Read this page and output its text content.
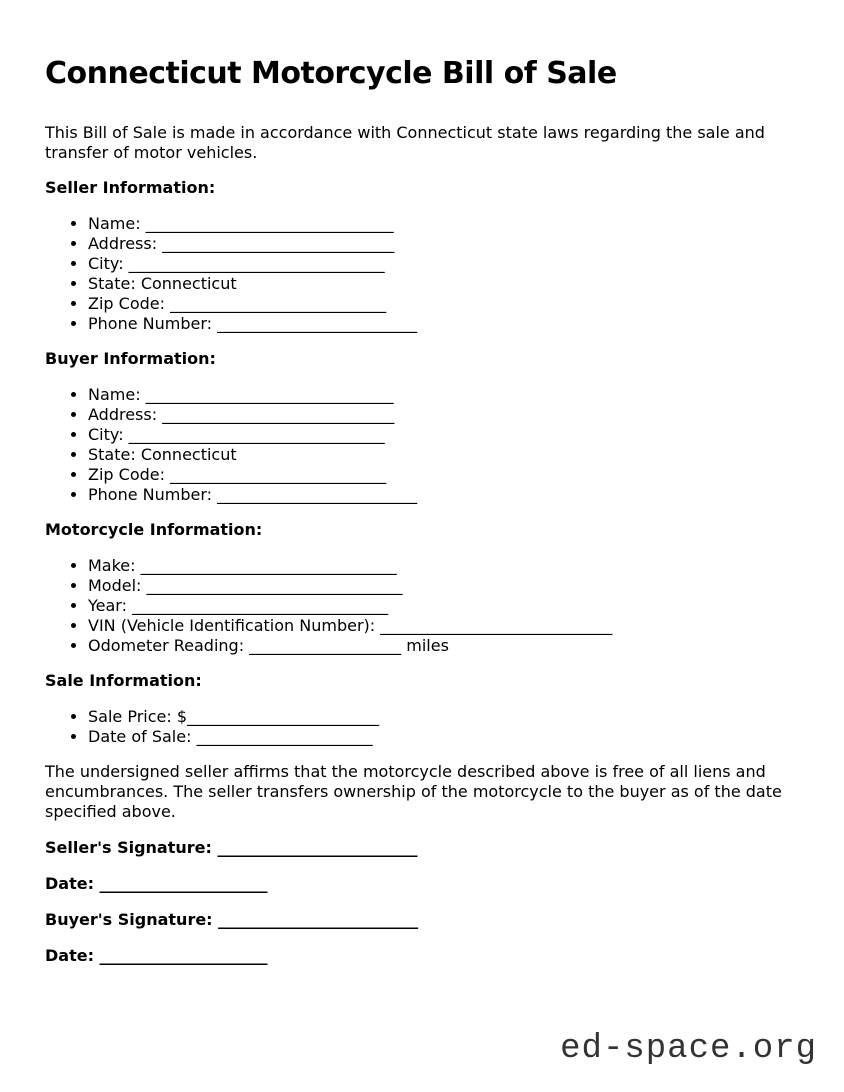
Connecticut Motorcycle Bill of Sale

This Bill of Sale is made in accordance with Connecticut state laws regarding the sale and transfer of motor vehicles.

Seller Information:

• Name: _______________________________
• Address: _____________________________
• City: ________________________________
• State: Connecticut
• Zip Code: ___________________________
• Phone Number: _________________________

Buyer Information:

• Name: _______________________________
• Address: _____________________________
• City: ________________________________
• State: Connecticut
• Zip Code: ___________________________
• Phone Number: _________________________

Motorcycle Information:

• Make: ________________________________
• Model: ________________________________
• Year: ________________________________
• VIN (Vehicle Identification Number): _____________________________
• Odometer Reading: ___________________ miles

Sale Information:

• Sale Price: $________________________
• Date of Sale: ______________________

The undersigned seller affirms that the motorcycle described above is free of all liens and encumbrances. The seller transfers ownership of the motorcycle to the buyer as of the date specified above.

Seller's Signature: _________________________

Date: _____________________

Buyer's Signature: _________________________

Date: _____________________

ed-space.org
